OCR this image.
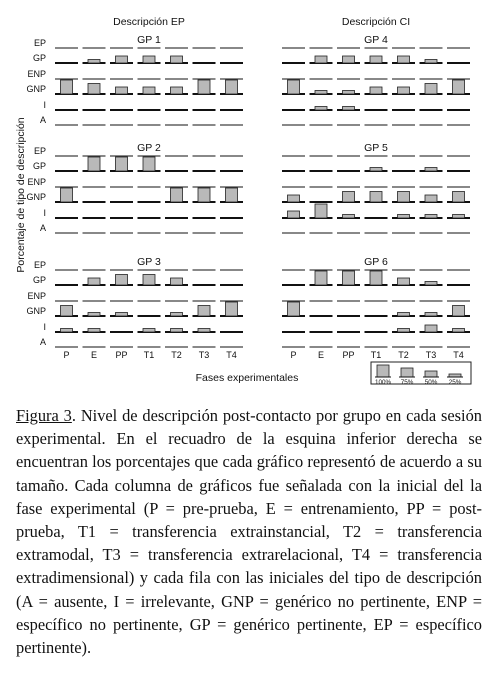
Descripción EP	Descripción CI
Porcentaje de tipo de descripción
GP 1
EP
GP
ENP
GNP
I
A
GP 4
GP 2
EP
GP
ENP
GNP
I
A
GP 5
GP 3
EP
GP
ENP
GNP
I
A
GP 6
P E PP T1 T2 T3 T4	P E PP T1 T2 T3 T4
Fases experimentales	100% 75% 50% 25%

Figura 3. Nivel de descripción post-contacto por grupo en cada sesión experimental. En el recuadro de la esquina inferior derecha se encuentran los porcentajes que cada gráfico representó de acuerdo a su tamaño. Cada columna de gráficos fue señalada con la inicial del la fase experimental (P = pre-prueba, E = entrenamiento, PP = post-prueba, T1 = transferencia extrainstancial, T2 = transferencia extramodal, T3 = transferencia extrarelacional, T4 = transferencia extradimensional) y cada fila con las iniciales del tipo de descripción (A = ausente, I = irrelevante, GNP = genérico no pertinente, ENP = específico no pertinente, GP = genérico pertinente, EP = específico pertinente).
